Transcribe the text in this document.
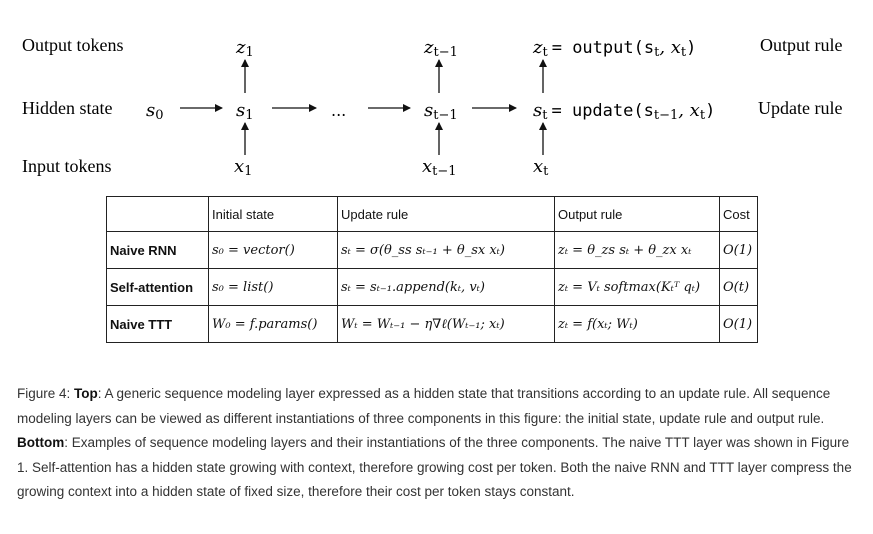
Output tokens
Hidden state
Input tokens
Output rule
Update rule
s0	s1	...	st−1	st = update(st−1, xt)
z1	zt−1	zt = output(st, xt)
x1	xt−1	xt
	Initial state	Update rule	Output rule	Cost
Naive RNN	s₀ = vector()	sₜ = σ(θ_ss sₜ₋₁ + θ_sx xₜ)	zₜ = θ_zs sₜ + θ_zx xₜ	O(1)
Self-attention	s₀ = list()	sₜ = sₜ₋₁.append(kₜ, vₜ)	zₜ = Vₜ softmax(Kₜᵀ qₜ)	O(t)
Naive TTT	W₀ = f.params()	Wₜ = Wₜ₋₁ − η∇ℓ(Wₜ₋₁; xₜ)	zₜ = f(xₜ; Wₜ)	O(1)
Figure 4: Top: A generic sequence modeling layer expressed as a hidden state that transitions according to an update rule. All sequence modeling layers can be viewed as different instantiations of three components in this figure: the initial state, update rule and output rule. Bottom: Examples of sequence modeling layers and their instantiations of the three components. The naive TTT layer was shown in Figure 1. Self-attention has a hidden state growing with context, therefore growing cost per token. Both the naive RNN and TTT layer compress the growing context into a hidden state of fixed size, therefore their cost per token stays constant.
